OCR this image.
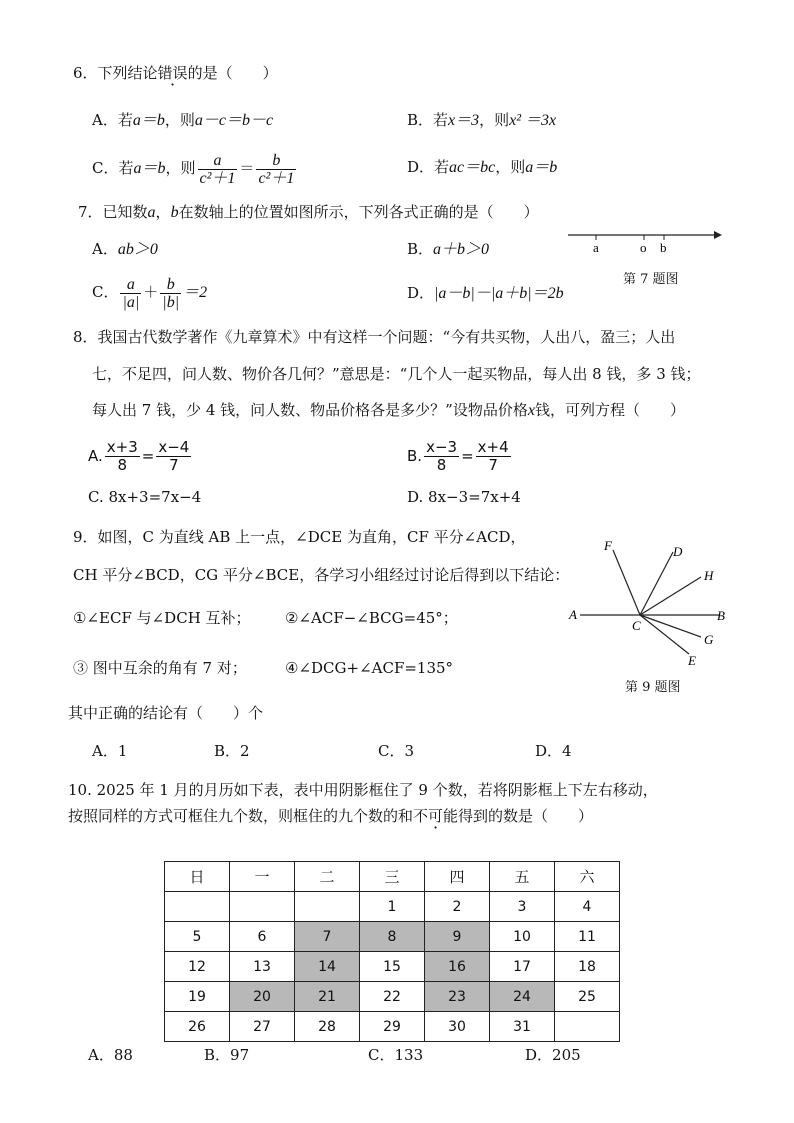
6．下列结论错误的是（　　）
A．若a＝b，则a－c＝b－c	B．若x＝3，则x² ＝3x
C．若a＝b，则 $\frac{a}{\text{c²＋1}} = \frac{b}{\text{c²＋1}}$	D．若ac＝bc，则a＝b
7．已知数a，b在数轴上的位置如图所示，下列各式正确的是（　　）
A．ab＞0	B．a＋b＞0	a	o b
第 7 题图
C． $\frac{a}{|a|} + \frac{b}{|b|} =2$	D．|a－b|－|a＋b|＝2b
8．我国古代数学著作《九章算术》中有这样一个问题：“今有共买物，人出八，盈三；人出
七，不足四，问人数、物价各几何？”意思是：“几个人一起买物品，每人出 8 钱，多 3 钱；
每人出 7 钱，少 4 钱，问人数、物品价格各是多少？”设物品价格x钱，可列方程（　　）
A. $\frac{x+3}{8} = \frac{x-4}{7}$	B. $\frac{x-3}{8} = \frac{x+4}{7}$
C. 8x+3=7x−4	D. 8x−3=7x+4
9．如图，C 为直线 AB 上一点，∠DCE 为直角，CF 平分∠ACD，
CH 平分∠BCD，CG 平分∠BCE，各学习小组经过讨论后得到以下结论：
①∠ECF 与∠DCH 互补； ②∠ACF−∠BCG=45°；
③ 图中互余的角有 7 对；	④∠DCG+∠ACF=135°
F	D
H
A
C
B
G
E
第 9 题图
其中正确的结论有（　　）个
A．1	B．2	C．3	D．4
10. 2025 年 1 月的月历如下表，表中用阴影框住了 9 个数，若将阴影框上下左右移动，
按照同样的方式可框住九个数，则框住的九个数的和不可能得到的数是（　　）
日	一	二	三	四	五	六
			1	2	3	4
5	6	7	8	9	10	11
12	13	14	15	16	17	18
19	20	21	22	23	24	25
26	27	28	29	30	31	
A．88	B．97	C．133	D．205
